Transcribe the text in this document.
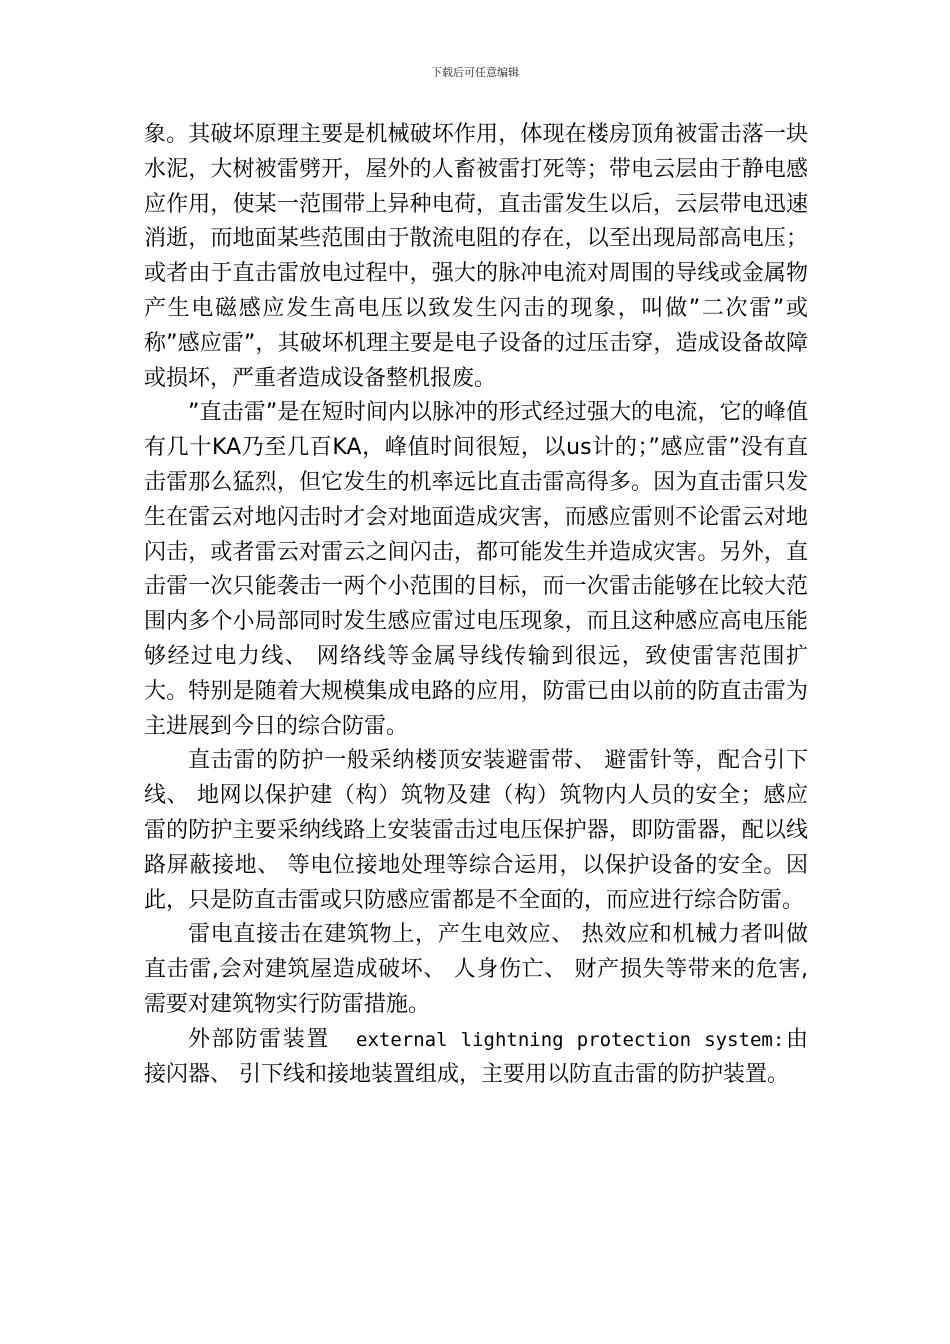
下载后可任意编辑

象。其破坏原理主要是机械破坏作用，体现在楼房顶角被雷击落一块水泥，大树被雷劈开，屋外的人畜被雷打死等；带电云层由于静电感应作用，使某一范围带上异种电荷，直击雷发生以后，云层带电迅速消逝，而地面某些范围由于散流电阻的存在，以至出现局部高电压；或者由于直击雷放电过程中，强大的脉冲电流对周围的导线或金属物产生电磁感应发生高电压以致发生闪击的现象，叫做”二次雷”或称”感应雷”，其破坏机理主要是电子设备的过压击穿，造成设备故障或损坏，严重者造成设备整机报废。

”直击雷”是在短时间内以脉冲的形式经过强大的电流，它的峰值有几十KA乃至几百KA，峰值时间很短，以us计的；”感应雷”没有直击雷那么猛烈，但它发生的机率远比直击雷高得多。因为直击雷只发生在雷云对地闪击时才会对地面造成灾害，而感应雷则不论雷云对地闪击，或者雷云对雷云之间闪击，都可能发生并造成灾害。另外，直击雷一次只能袭击一两个小范围的目标，而一次雷击能够在比较大范围内多个小局部同时发生感应雷过电压现象，而且这种感应高电压能够经过电力线、 网络线等金属导线传输到很远，致使雷害范围扩大。特别是随着大规模集成电路的应用，防雷已由以前的防直击雷为主进展到今日的综合防雷。

直击雷的防护一般采纳楼顶安装避雷带、 避雷针等，配合引下线、 地网以保护建（构）筑物及建（构）筑物内人员的安全；感应雷的防护主要采纳线路上安装雷击过电压保护器，即防雷器，配以线路屏蔽接地、 等电位接地处理等综合运用，以保护设备的安全。因此，只是防直击雷或只防感应雷都是不全面的，而应进行综合防雷。

雷电直接击在建筑物上，产生电效应、 热效应和机械力者叫做直击雷,会对建筑屋造成破坏、 人身伤亡、 财产损失等带来的危害,需要对建筑物实行防雷措施。

外部防雷装置 external lightning protection system:由接闪器、 引下线和接地装置组成，主要用以防直击雷的防护装置。
